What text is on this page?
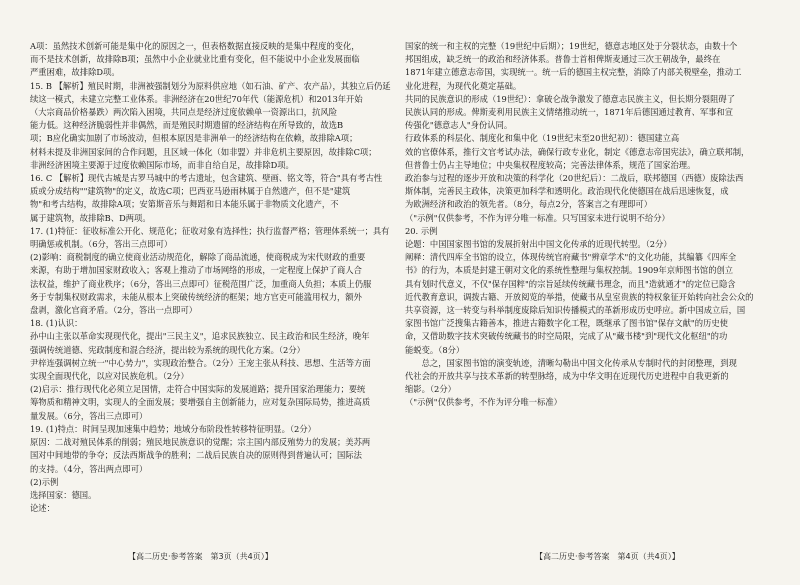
A项：虽然技术创新可能是集中化的原因之一，但表格数据直接反映的是集中程度的变化，

而不是技术创新，故排除B项；虽然中小企业就业比重有变化，但不能说中小企业发展面临

严重困难，故排除D项。

15. B 【解析】殖民时期，非洲被强制划分为原料供应地（如石油、矿产、农产品），其独立后仍延

续这一模式，未建立完整工业体系。非洲经济在20世纪70年代（能源危机）和2013年开始

（大宗商品价格暴跌）两次陷入困境，共同点是经济过度依赖单一资源出口，抗风险

能力低。这种经济脆弱性并非偶然，而是殖民时期遗留的经济结构在所导致的，故选B

项；B应化确实加剧了市场波动，但根本原因是非洲单一的经济结构在依赖，故排除A项；

材料未提及非洲国家间的合作问题，且区域一体化（如非盟）并非危机主要原因，故排除C项；

非洲经济困境主要源于过度依赖国际市场，而非自给自足，故排除D项。

16. C 【解析】现代古城是古罗马城中的考古遗址，包含建筑、壁画、铭文等，符合"具有考古性

质或分成结构""建筑物"的定义，故选C项；巴西亚马逊雨林属于自然遗产，但不是"建筑

物"和考古结构，故排除A项；安第斯音乐与舞蹈和日本能乐属于非物质文化遗产，不

属于建筑物，故排除B、D两项。

17. (1)特征：征收标准公开化、规范化；征收对象有选择性；执行监督严格；管理体系统一；具有

明确惩戒机制。（6分，答出三点即可）

(2)影响：商税制度的确立使商业活动规范化，解除了商品流通，使商税成为宋代财政的重要

来源，有助于增加国家财政收入；客观上推动了市场网络的形成，一定程度上保护了商人合

法权益，维护了商业秩序；（6分，答出三点即可）征税范围广泛，加重商人负担；本质上仍服

务于专制集权财政需求，未能从根本上突破传统经济的框架；地方官吏可能滥用权力，额外

盘剥，激化官商矛盾。（2分，答出一点即可）

18. (1)认识：

孙中山主张以革命实现现代化，提出"三民主义"，追求民族独立、民主政治和民生经济，晚年

强调传统道德、宪政制度和混合经济，提出较为系统的现代化方案。（2分）

尹梓连强调树立统一"中心势力"，实现政治整合。（2分）王宠主张从科技、思想、生活等方面

实现全面现代化，以应对民族危机。（2分）

(2)启示：推行现代化必须立足国情，走符合中国实际的发展道路；提升国家治理能力；要统

筹物质和精神文明，实现人的全面发展；要增强自主创新能力，应对复杂国际局势，推进高质

量发展。（6分，答出三点即可）

19. (1)特点：时间呈现加速集中趋势；地域分布阶段性转移特征明显。（2分）

原因：二战对殖民体系的削弱；殖民地民族意识的觉醒；宗主国内部反殖势力的发展；美苏两

国对中间地带的争夺；反法西斯战争的胜利；二战后民族自决的原则得到普遍认可；国际法

的支持。（4分，答出两点即可）

(2)示例

选择国家：德国。

论述：

国家的统一和主权的完整（19世纪中后期）；19世纪，德意志地区处于分裂状态，由数十个

邦国组成，缺乏统一的政治和经济体系。普鲁士首相俾斯麦通过三次王朝战争，最终在

1871年建立德意志帝国，实现统一。统一后的德国主权完整，消除了内部关税壁垒，推动工

业化进程，为现代化奠定基础。

共同的民族意识的形成（19世纪）：拿破仑战争激发了德意志民族主义，但长期分裂阻碍了

民族认同的形成。俾斯麦利用民族主义情绪推动统一，1871年后德国通过教育、军事和宣

传强化"德意志人"身份认同。

行政体系的科层化、制度化和集中化（19世纪末至20世纪初）：德国建立高

效的官僚体系，推行文官考试办法，确保行政专业化，制定《德意志帝国宪法》，确立联邦制，

但普鲁士仍占主导地位；中央集权程度较高；完善法律体系，规范了国家治理。

政治参与过程的逐步开放和决策的科学化（20世纪后）：二战后，联邦德国（西德）废除法西

斯体制，完善民主政体，决策更加科学和透明化。政治现代化使德国在战后迅速恢复，成

为欧洲经济和政治的领先者。（8分，每点2分，答案言之有理即可）

（"示例"仅供参考，不作为评分唯一标准。只写国家未进行说明不给分）

20. 示例

论题：中国国家图书馆的发展折射出中国文化传承的近现代转型。（2分）

阐释：清代四库全书馆的设立，体现传统官府藏书"辨章学术"的文化功能，其编纂《四库全

书》的行为，本质是封建王朝对文化的系统性整理与集权控制。1909年京师图书馆的创立

具有划时代意义，不仅"保存国粹"的宗旨延续传统藏书理念，而且"造就通才"的定位已隐含

近代教育意识，调拨古籍、开放阅览的举措，使藏书从皇室贵族的特权象征开始转向社会公众的

共享资源，这一转变与科举制度废除后知识传播模式的革新形成历史呼应。新中国成立后，国

家图书馆广泛搜集古籍善本，推进古籍数字化工程，既继承了图书馆"保存文献"的历史使

命，又借助数字技术突破传统藏书的时空局限，完成了从"藏书楼"到"现代文化枢纽"的功

能蜕变。（8分）

　　总之，国家图书馆的演变轨迹，清晰勾勒出中国文化传承从专制时代的封闭整理，到现

代社会的开放共享与技术革新的转型脉络，成为中华文明在近现代历史进程中自我更新的

缩影。（2分）

（"示例"仅供参考，不作为评分唯一标准）

【高二历史·参考答案　第3页（共4页）】	【高二历史·参考答案　第4页（共4页）】
